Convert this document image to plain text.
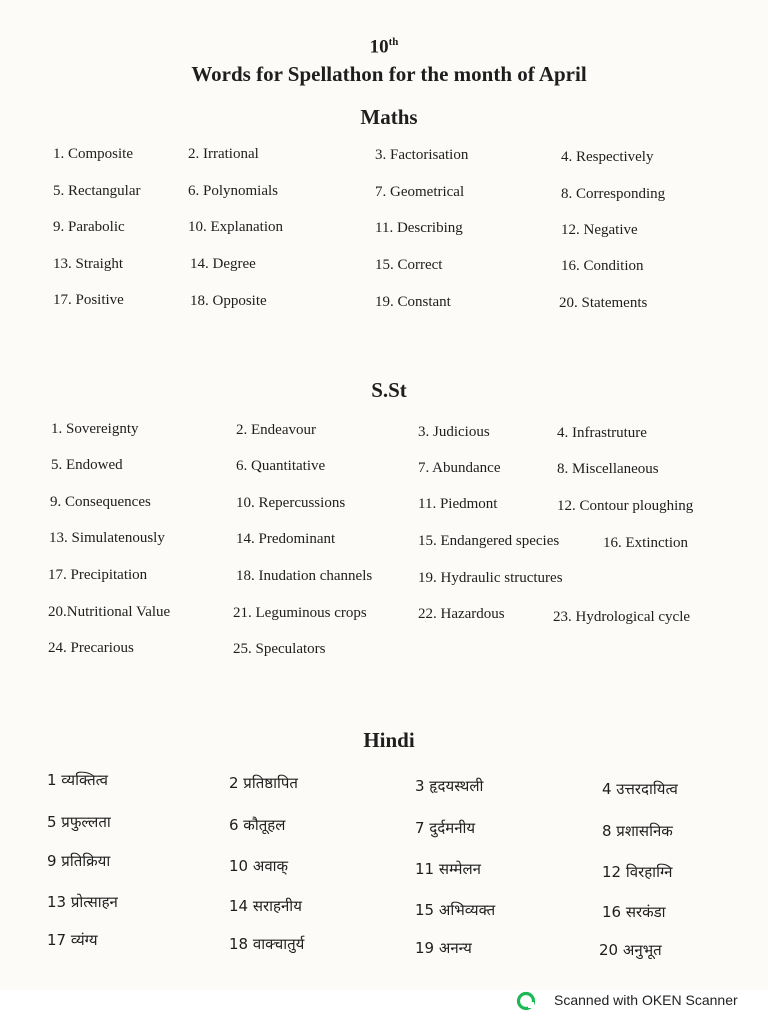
10th
Words for Spellathon for the month of April
Maths
1. Composite	2. Irrational	3. Factorisation	4. Respectively
5. Rectangular	6. Polynomials	7. Geometrical	8. Corresponding
9. Parabolic	10. Explanation	11. Describing	12. Negative
13. Straight	14. Degree	15. Correct	16. Condition
17. Positive	18. Opposite	19. Constant	20. Statements
S.St
1. Sovereignty	2. Endeavour	3. Judicious	4. Infrastruture
5. Endowed	6. Quantitative	7. Abundance	8. Miscellaneous
9. Consequences	10. Repercussions	11. Piedmont	12. Contour ploughing
13. Simulatenously	14. Predominant	15. Endangered species	16. Extinction
17. Precipitation	18. Inudation channels	19. Hydraulic structures
20.Nutritional Value	21. Leguminous crops	22. Hazardous	23. Hydrological cycle
24. Precarious	25. Speculators
Hindi
1 व्यक्तित्व	2 प्रतिष्ठापित	3 हृदयस्थली	4 उत्तरदायित्व
5 प्रफुल्लता	6 कौतूहल	7 दुर्दमनीय	8 प्रशासनिक
9 प्रतिक्रिया	10 अवाक्	11 सम्मेलन	12 विरहाग्नि
13 प्रोत्साहन	14 सराहनीय	15 अभिव्यक्त	16 सरकंडा
17 व्यंग्य	18 वाक्चातुर्य	19 अनन्य	20 अनुभूत
Scanned with OKEN Scanner
